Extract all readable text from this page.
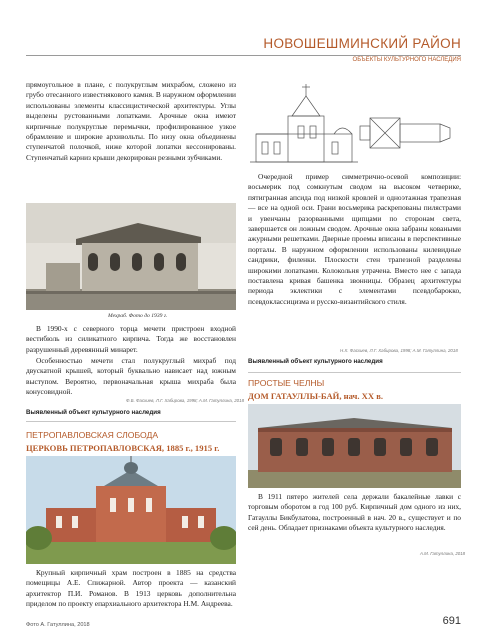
НОВОШЕШМИНСКИЙ РАЙОН
ОБЪЕКТЫ КУЛЬТУРНОГО НАСЛЕДИЯ

прямоугольное в плане, с полукруглым михрабом, сложено из грубо отесанного известнякового камня. В наружном оформлении использованы элементы классицистической архитектуры. Углы выделены рустованными лопатками. Арочные окна имеют кирпичные полукруглые перемычки, профилированное узкое обрамление и широкие архивольты. По низу окна объединены ступенчатой полочкой, ниже которой лопатки кессонированы. Ступенчатый карниз крыши декорирован резными зубчиками.

Мехраб. Фото до 1939 г.

В 1990-х с северного торца мечети пристроен входной вестибюль из силикатного кирпича. Тогда же восстановлен разрушенный деревянный минарет.

Особенностью мечети стал полукруглый михраб под двускатной крышей, который буквально нависает над южным выступом. Вероятно, первоначальная крыша михраба была конусовидной.

Ф.Б. Фасхиев, Л.Г. Хабирова, 1998; А.М. Гатуллина, 2018
Выявленный объект культурного наследия

Очередной пример симметрично-осевой композиции: восьмерик под сомкнутым сводом на высоком четверике, пятигранная апсида под низкой кровлей и одноэтажная трапезная — все на одной оси. Грани восьмерика раскрепованы пилястрами и увенчаны разорванными щипцами по сторонам света, завершается он ложным сводом. Арочные окна забраны коваными ажурными решетками. Дверные проемы вписаны в перспективные порталы. В наружном оформлении использованы килевидные сандрики, филенки. Плоскости стен трапезной разделены широкими лопатками. Колокольня утрачена. Вместо нее с запада поставлена кривая башенка звонницы. Образец архитектуры периода эклектики с элементами псевдобарокко, псевдоклассицизма и русско-византийского стиля.

Н.Х. Фасхиев, Л.Г. Хабирова, 1998; А.М. Гатуллина, 2018
Выявленный объект культурного наследия
ПЕТРОПАВЛОВСКАЯ СЛОБОДА
ЦЕРКОВЬ ПЕТРОПАВЛОВСКАЯ, 1885 г., 1915 г.

Крупный кирпичный храм построен в 1885 на средства помещицы А.Е. Спижарной. Автор проекта — казанский архитектор П.И. Романов. В 1913 церковь дополнительна приделом по проекту епархиального архитектора Н.М. Андреева.

ПРОСТЫЕ ЧЕЛНЫ
ДОМ ГАТАУЛЛЫ-БАЙ, нач. XX в.

В 1911 пятеро жителей села держали бакалейные лавки с торговым оборотом в год 100 руб. Кирпичный дом одного из них, Гатауллы Бикбулатова, построенный в нач. 20 в., существует и по сей день. Обладает признаками объекта культурного наследия.

А.М. Гатуллина, 2018
Фото А. Гатуллина, 2018	691
